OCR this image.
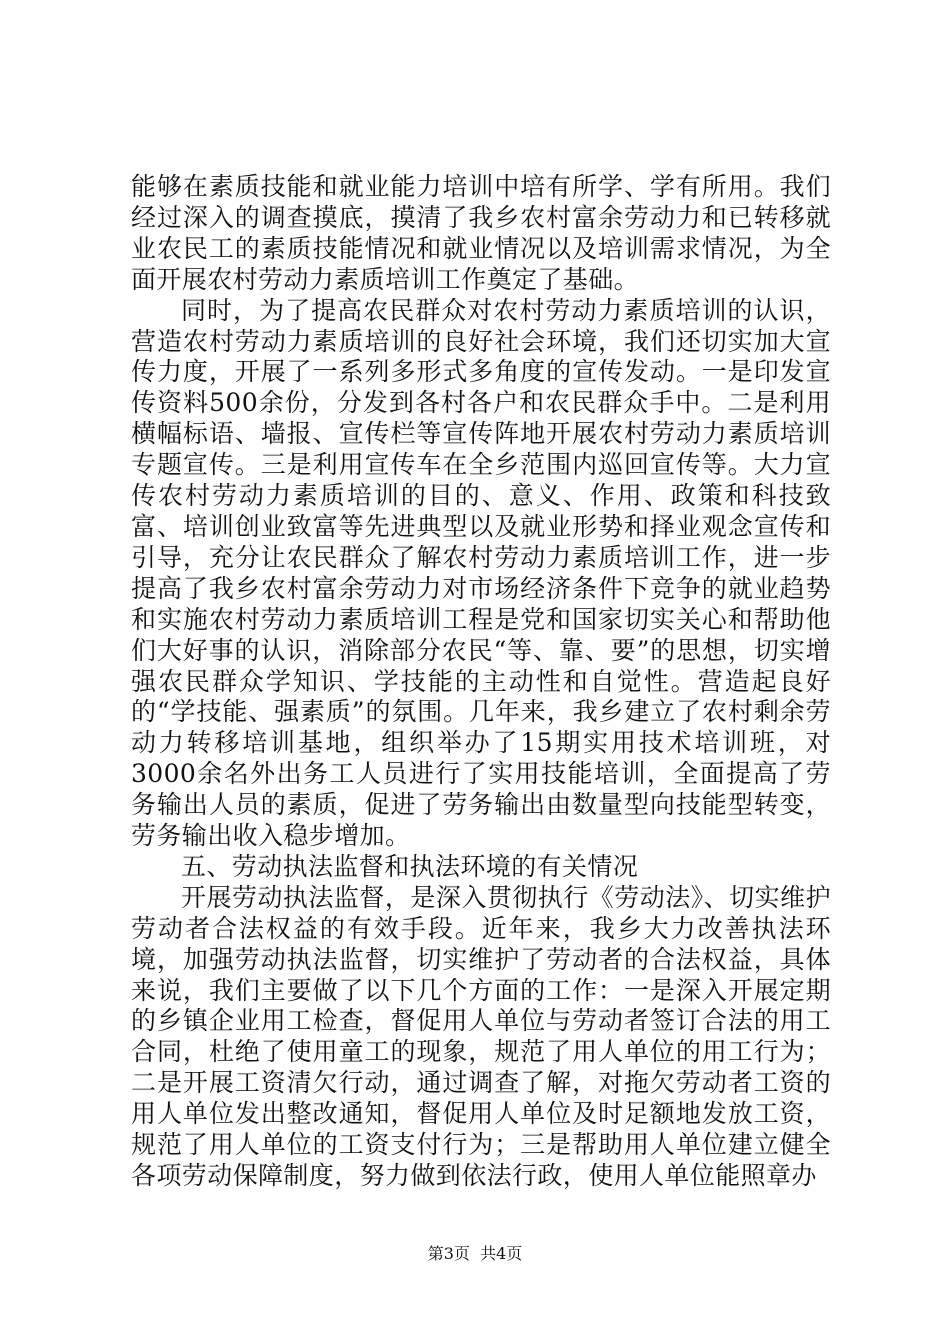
能够在素质技能和就业能力培训中培有所学、学有所用。我们经过深入的调查摸底，摸清了我乡农村富余劳动力和已转移就业农民工的素质技能情况和就业情况以及培训需求情况，为全面开展农村劳动力素质培训工作奠定了基础。

同时，为了提高农民群众对农村劳动力素质培训的认识，营造农村劳动力素质培训的良好社会环境，我们还切实加大宣传力度，开展了一系列多形式多角度的宣传发动。一是印发宣传资料500余份，分发到各村各户和农民群众手中。二是利用横幅标语、墙报、宣传栏等宣传阵地开展农村劳动力素质培训专题宣传。三是利用宣传车在全乡范围内巡回宣传等。大力宣传农村劳动力素质培训的目的、意义、作用、政策和科技致富、培训创业致富等先进典型以及就业形势和择业观念宣传和引导，充分让农民群众了解农村劳动力素质培训工作，进一步提高了我乡农村富余劳动力对市场经济条件下竞争的就业趋势和实施农村劳动力素质培训工程是党和国家切实关心和帮助他们大好事的认识，消除部分农民“等、靠、要”的思想，切实增强农民群众学知识、学技能的主动性和自觉性。营造起良好的“学技能、强素质”的氛围。几年来，我乡建立了农村剩余劳动力转移培训基地，组织举办了15期实用技术培训班，对3000余名外出务工人员进行了实用技能培训，全面提高了劳务输出人员的素质，促进了劳务输出由数量型向技能型转变，劳务输出收入稳步增加。

五、劳动执法监督和执法环境的有关情况

开展劳动执法监督，是深入贯彻执行《劳动法》、切实维护劳动者合法权益的有效手段。近年来，我乡大力改善执法环境，加强劳动执法监督，切实维护了劳动者的合法权益，具体来说，我们主要做了以下几个方面的工作：一是深入开展定期的乡镇企业用工检查，督促用人单位与劳动者签订合法的用工合同，杜绝了使用童工的现象，规范了用人单位的用工行为；二是开展工资清欠行动，通过调查了解，对拖欠劳动者工资的用人单位发出整改通知，督促用人单位及时足额地发放工资，规范了用人单位的工资支付行为；三是帮助用人单位建立健全各项劳动保障制度，努力做到依法行政，使用人单位能照章办

第3页  共4页
